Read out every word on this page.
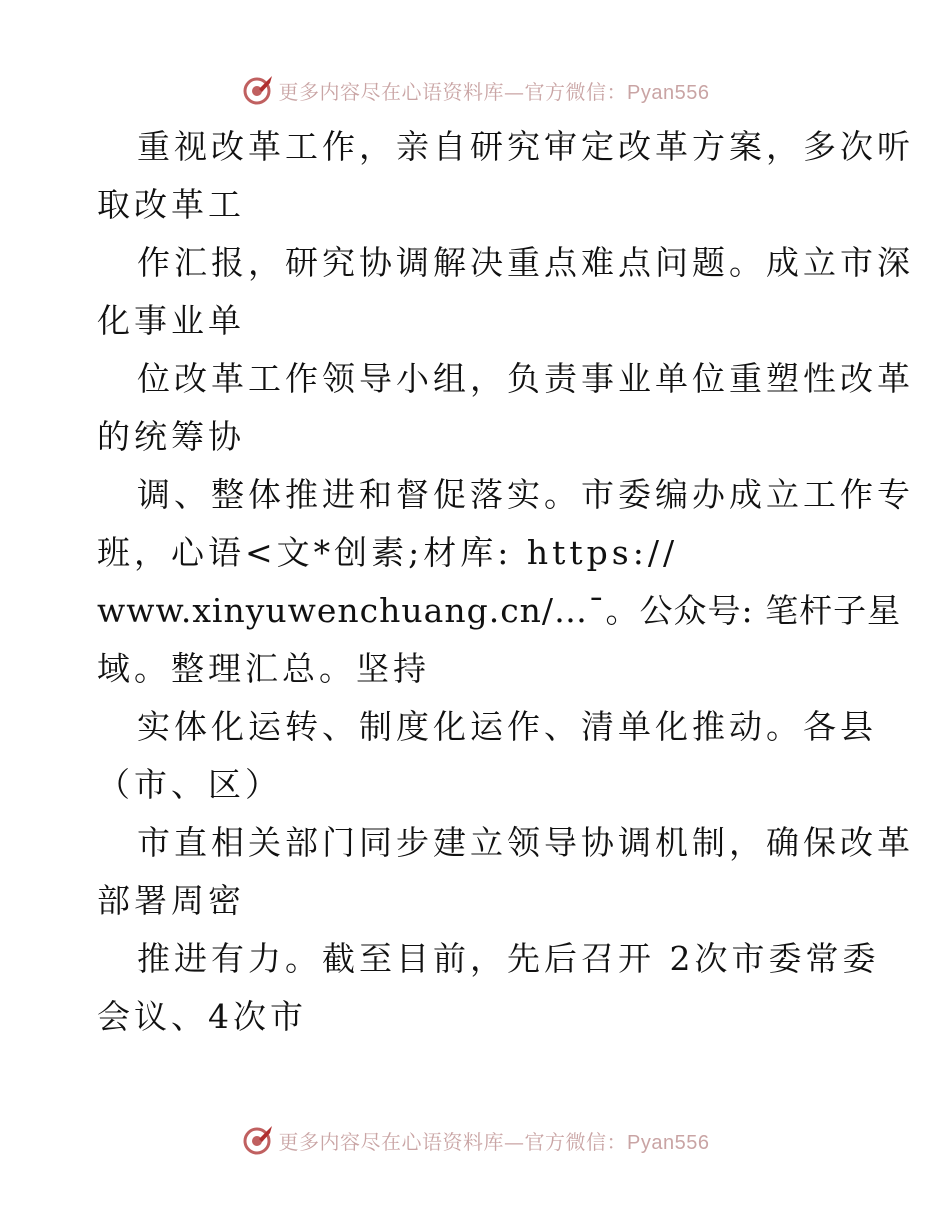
更多内容尽在心语资料库—官方微信：Pyan556
重视改革工作，亲自研究审定改革方案，多次听
取改革工
作汇报，研究协调解决重点难点问题。成立市深
化事业单
位改革工作领导小组，负责事业单位重塑性改革
的统筹协
调、整体推进和督促落实。市委编办成立工作专
班，心语<文*创素;材库: https://
www.xinyuwenchuang.cn/…¯。公众号: 笔杆子星
域。整理汇总。坚持
实体化运转、制度化运作、清单化推动。各县
（市、区）
市直相关部门同步建立领导协调机制，确保改革
部署周密
推进有力。截至目前，先后召开 2次市委常委
会议、4次市
更多内容尽在心语资料库—官方微信：Pyan556
